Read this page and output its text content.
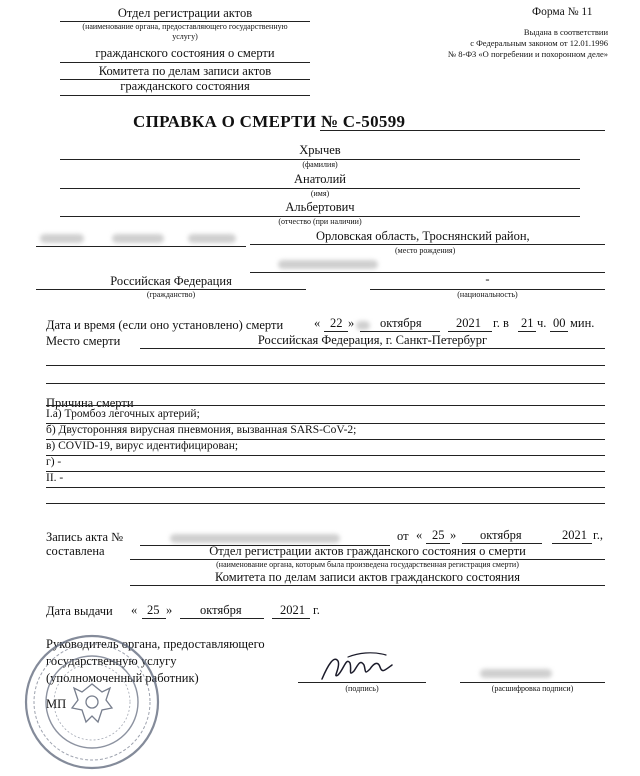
Отдел регистрации актов
(наименование органа, предоставляющего государственную
услугу)
гражданского состояния о смерти
Комитета по делам записи актов
гражданского состояния
Форма № 11
Выдана в соответствии
с Федеральным законом от 12.01.1996
№ 8-ФЗ «О погребении и похоронном деле»
СПРАВКА О СМЕРТИ № С-50599
Хрычев
(фамилия)
Анатолий
(имя)
Альбертович
(отчество (при наличии)
Орловская область, Троснянский район,
(место рождения)
Российская Федерация
(гражданство)
-
(национальность)
Дата и время (если оно установлено) смерти « 22 » октября	2021 г. в 21 ч. 00 мин.
Место смерти	Российская Федерация, г. Санкт-Петербург
Причина смерти
I.а) Тромбоз легочных артерий;
б) Двусторонняя вирусная пневмония, вызванная SARS-CoV-2;
в) COVID-19, вирус идентифицирован;
г) -
II. -
Запись акта №	от « 25 » октября	2021 г.,
составлена	Отдел регистрации актов гражданского состояния о смерти
(наименование органа, которым была произведена государственная регистрация смерти)
Комитета по делам записи актов гражданского состояния
Дата выдачи « 25 » октября	2021 г.
Руководитель органа, предоставляющего
государственную услугу
(уполномоченный работник)
МП
(подпись)	(расшифровка подписи)
